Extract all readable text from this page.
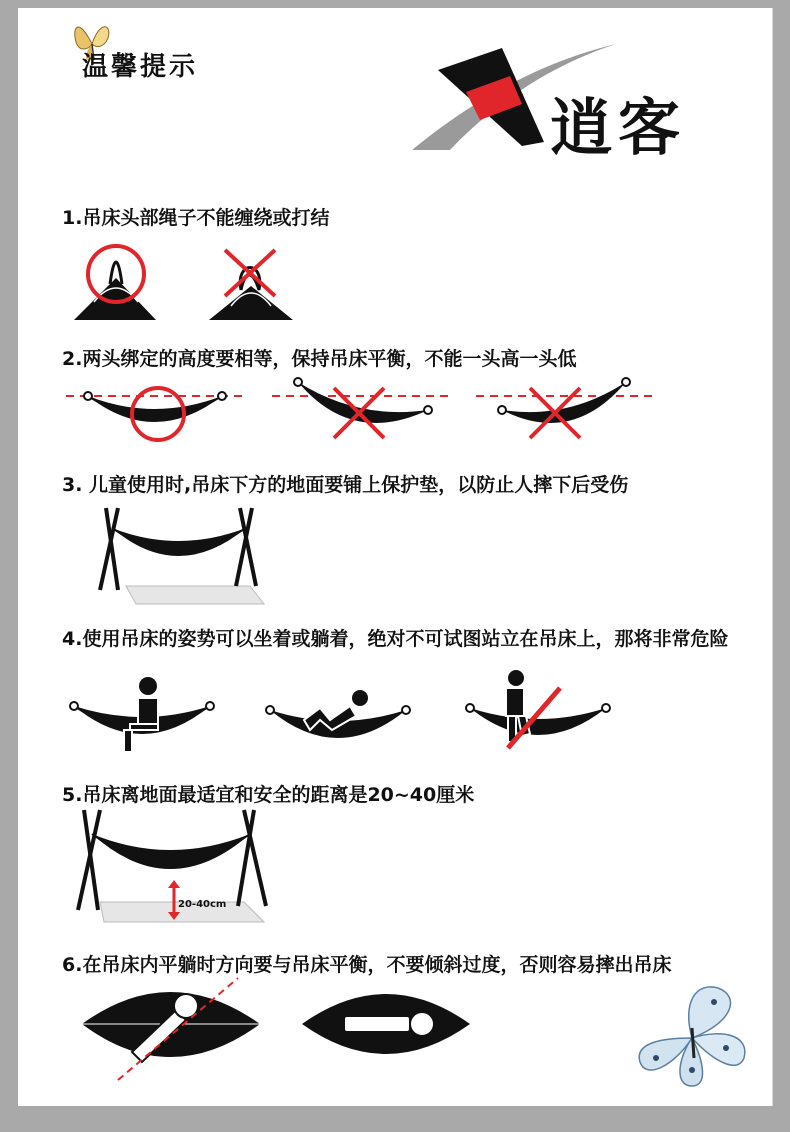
温馨提示
逍客
1.吊床头部绳子不能缠绕或打结
2.两头绑定的高度要相等，保持吊床平衡，不能一头高一头低
3. 儿童使用时,吊床下方的地面要铺上保护垫，以防止人摔下后受伤
4.使用吊床的姿势可以坐着或躺着，绝对不可试图站立在吊床上，那将非常危险
5.吊床离地面最适宜和安全的距离是20~40厘米
20-40cm
6.在吊床内平躺时方向要与吊床平衡，不要倾斜过度，否则容易摔出吊床
